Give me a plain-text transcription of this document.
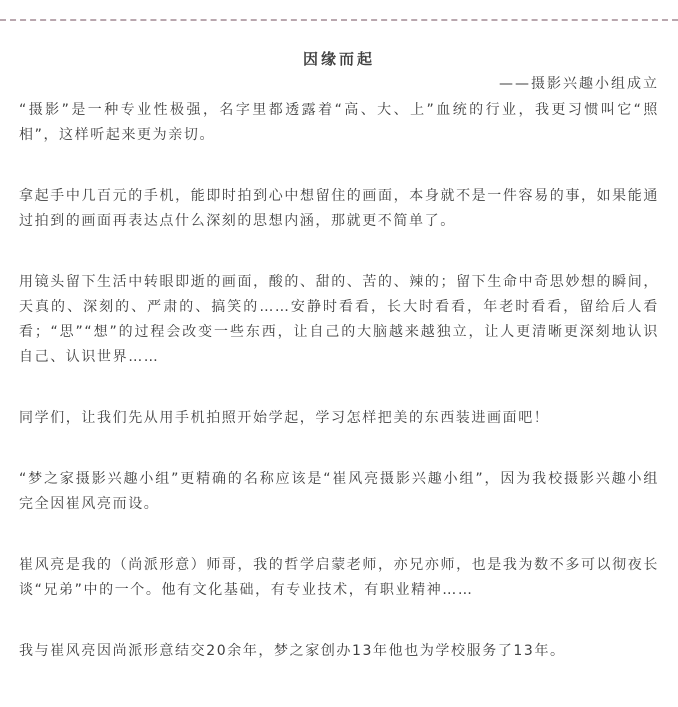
因缘而起
——摄影兴趣小组成立

“摄影”是一种专业性极强，名字里都透露着“高、大、上”血统的行业，我更习惯叫它“照相”，这样听起来更为亲切。

拿起手中几百元的手机，能即时拍到心中想留住的画面，本身就不是一件容易的事，如果能通过拍到的画面再表达点什么深刻的思想内涵，那就更不简单了。

用镜头留下生活中转眼即逝的画面，酸的、甜的、苦的、辣的；留下生命中奇思妙想的瞬间，天真的、深刻的、严肃的、搞笑的……安静时看看，长大时看看，年老时看看，留给后人看看；“思”“想”的过程会改变一些东西，让自己的大脑越来越独立，让人更清晰更深刻地认识自己、认识世界……

同学们，让我们先从用手机拍照开始学起，学习怎样把美的东西装进画面吧！

“梦之家摄影兴趣小组”更精确的名称应该是“崔风亮摄影兴趣小组”，因为我校摄影兴趣小组完全因崔风亮而设。

崔风亮是我的（尚派形意）师哥，我的哲学启蒙老师，亦兄亦师，也是我为数不多可以彻夜长谈“兄弟”中的一个。他有文化基础，有专业技术，有职业精神……

我与崔风亮因尚派形意结交20余年，梦之家创办13年他也为学校服务了13年。
